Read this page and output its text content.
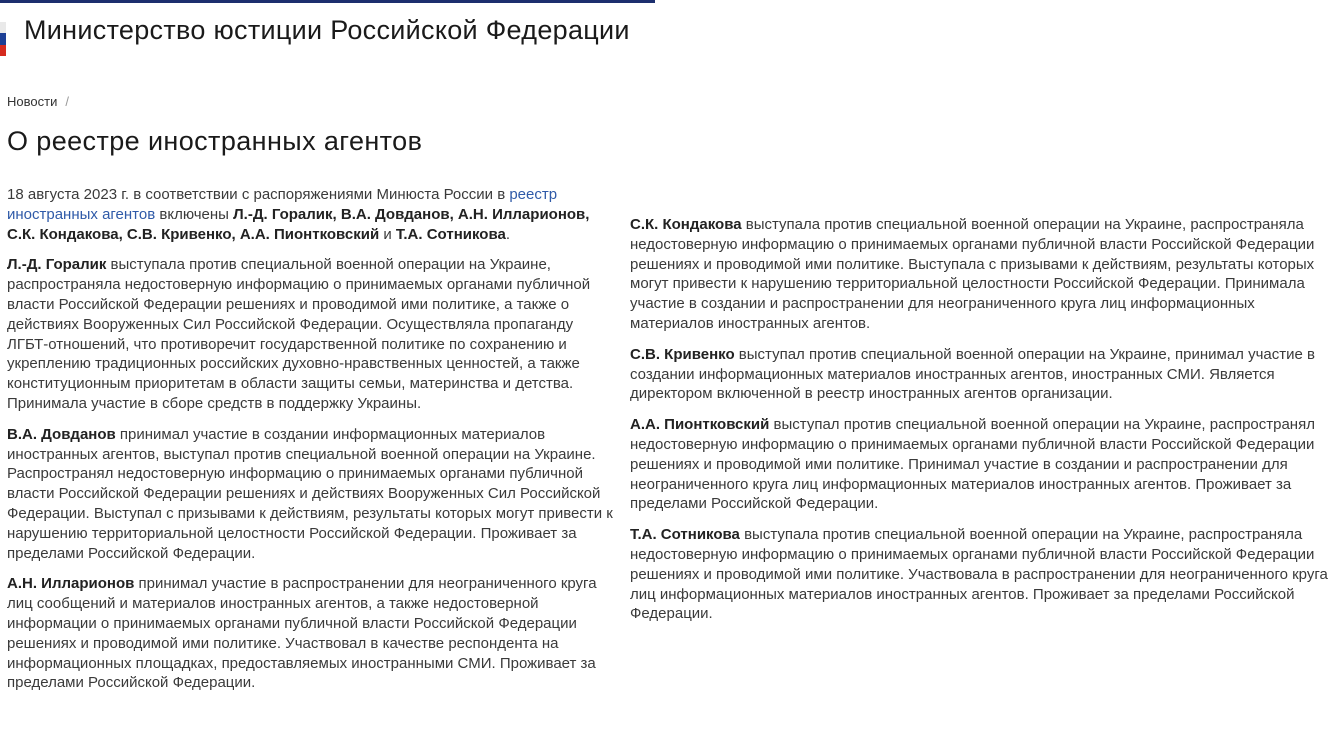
Министерство юстиции Российской Федерации
Новости /
О реестре иностранных агентов

18 августа 2023 г. в соответствии с распоряжениями Минюста России в реестр иностранных агентов включены Л.-Д. Горалик, В.А. Довданов, А.Н. Илларионов, С.К. Кондакова, С.В. Кривенко, А.А. Пионтковский и Т.А. Сотникова.

Л.-Д. Горалик выступала против специальной военной операции на Украине, распространяла недостоверную информацию о принимаемых органами публичной власти Российской Федерации решениях и проводимой ими политике, а также о действиях Вооруженных Сил Российской Федерации. Осуществляла пропаганду ЛГБТ-отношений, что противоречит государственной политике по сохранению и укреплению традиционных российских духовно-нравственных ценностей, а также конституционным приоритетам в области защиты семьи, материнства и детства. Принимала участие в сборе средств в поддержку Украины.

В.А. Довданов принимал участие в создании информационных материалов иностранных агентов, выступал против специальной военной операции на Украине. Распространял недостоверную информацию о принимаемых органами публичной власти Российской Федерации решениях и действиях Вооруженных Сил Российской Федерации. Выступал с призывами к действиям, результаты которых могут привести к нарушению территориальной целостности Российской Федерации. Проживает за пределами Российской Федерации.

А.Н. Илларионов принимал участие в распространении для неограниченного круга лиц сообщений и материалов иностранных агентов, а также недостоверной информации о принимаемых органами публичной власти Российской Федерации решениях и проводимой ими политике. Участвовал в качестве респондента на информационных площадках, предоставляемых иностранными СМИ. Проживает за пределами Российской Федерации.

С.К. Кондакова выступала против специальной военной операции на Украине, распространяла недостоверную информацию о принимаемых органами публичной власти Российской Федерации решениях и проводимой ими политике. Выступала с призывами к действиям, результаты которых могут привести к нарушению территориальной целостности Российской Федерации. Принимала участие в создании и распространении для неограниченного круга лиц информационных материалов иностранных агентов.

С.В. Кривенко выступал против специальной военной операции на Украине, принимал участие в создании информационных материалов иностранных агентов, иностранных СМИ. Является директором включенной в реестр иностранных агентов организации.

А.А. Пионтковский выступал против специальной военной операции на Украине, распространял недостоверную информацию о принимаемых органами публичной власти Российской Федерации решениях и проводимой ими политике. Принимал участие в создании и распространении для неограниченного круга лиц информационных материалов иностранных агентов. Проживает за пределами Российской Федерации.

Т.А. Сотникова выступала против специальной военной операции на Украине, распространяла недостоверную информацию о принимаемых органами публичной власти Российской Федерации решениях и проводимой ими политике. Участвовала в распространении для неограниченного круга лиц информационных материалов иностранных агентов. Проживает за пределами Российской Федерации.
